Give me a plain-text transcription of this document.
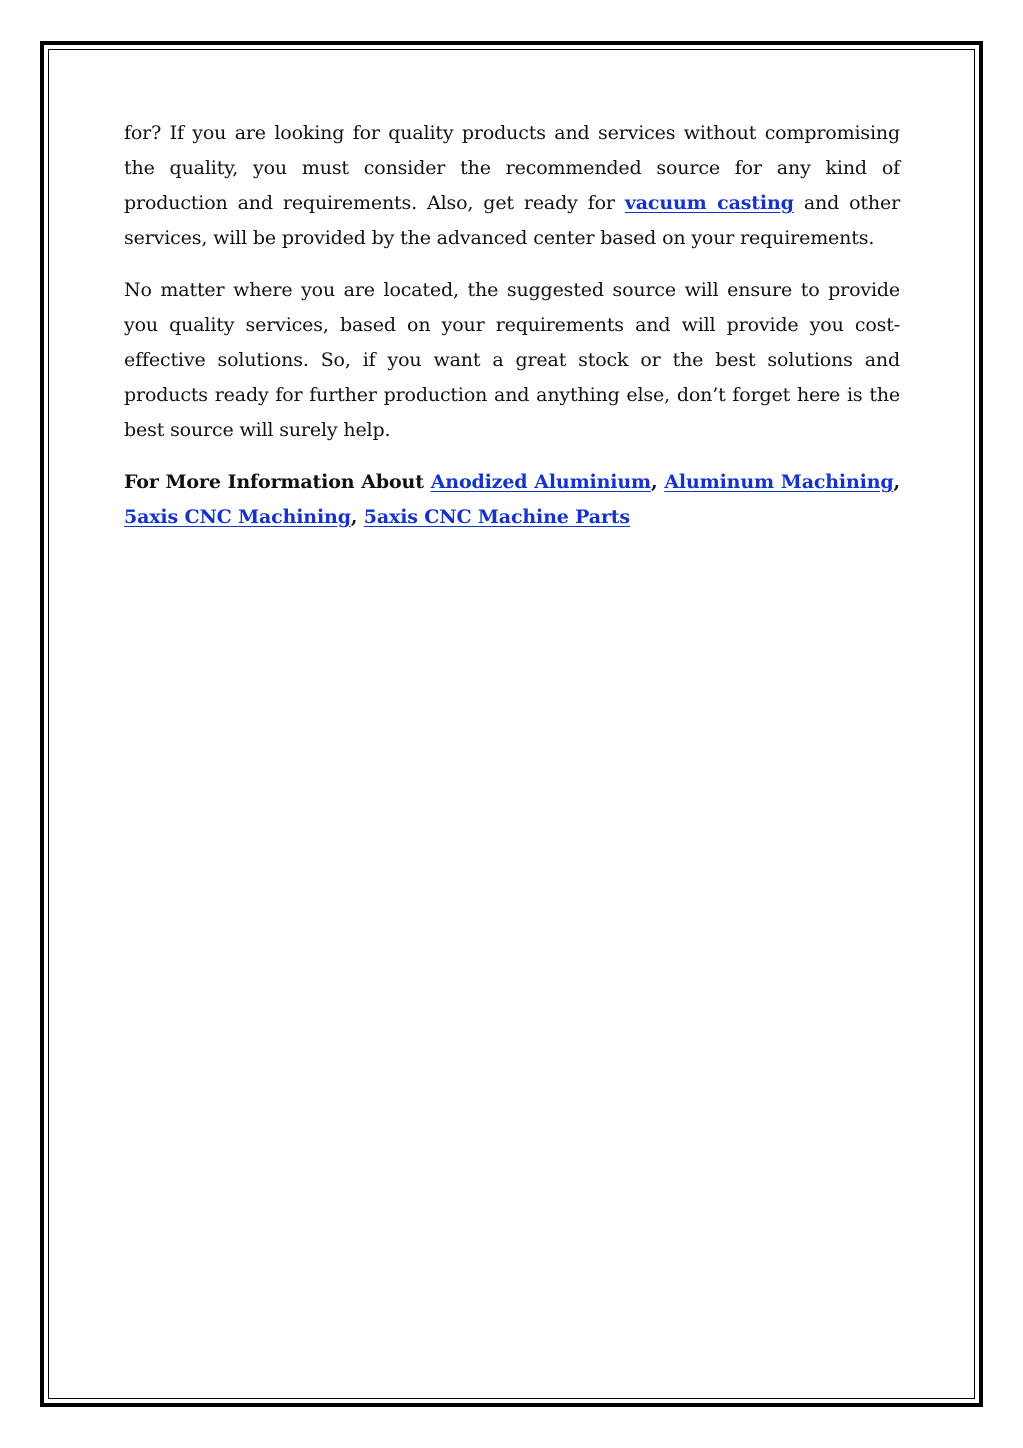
for? If you are looking for quality products and services without compromising the quality, you must consider the recommended source for any kind of production and requirements. Also, get ready for vacuum casting and other services, will be provided by the advanced center based on your requirements.

No matter where you are located, the suggested source will ensure to provide you quality services, based on your requirements and will provide you cost-effective solutions. So, if you want a great stock or the best solutions and products ready for further production and anything else, don’t forget here is the best source will surely help.

For More Information About Anodized Aluminium, Aluminum Machining, 5axis CNC Machining, 5axis CNC Machine Parts
